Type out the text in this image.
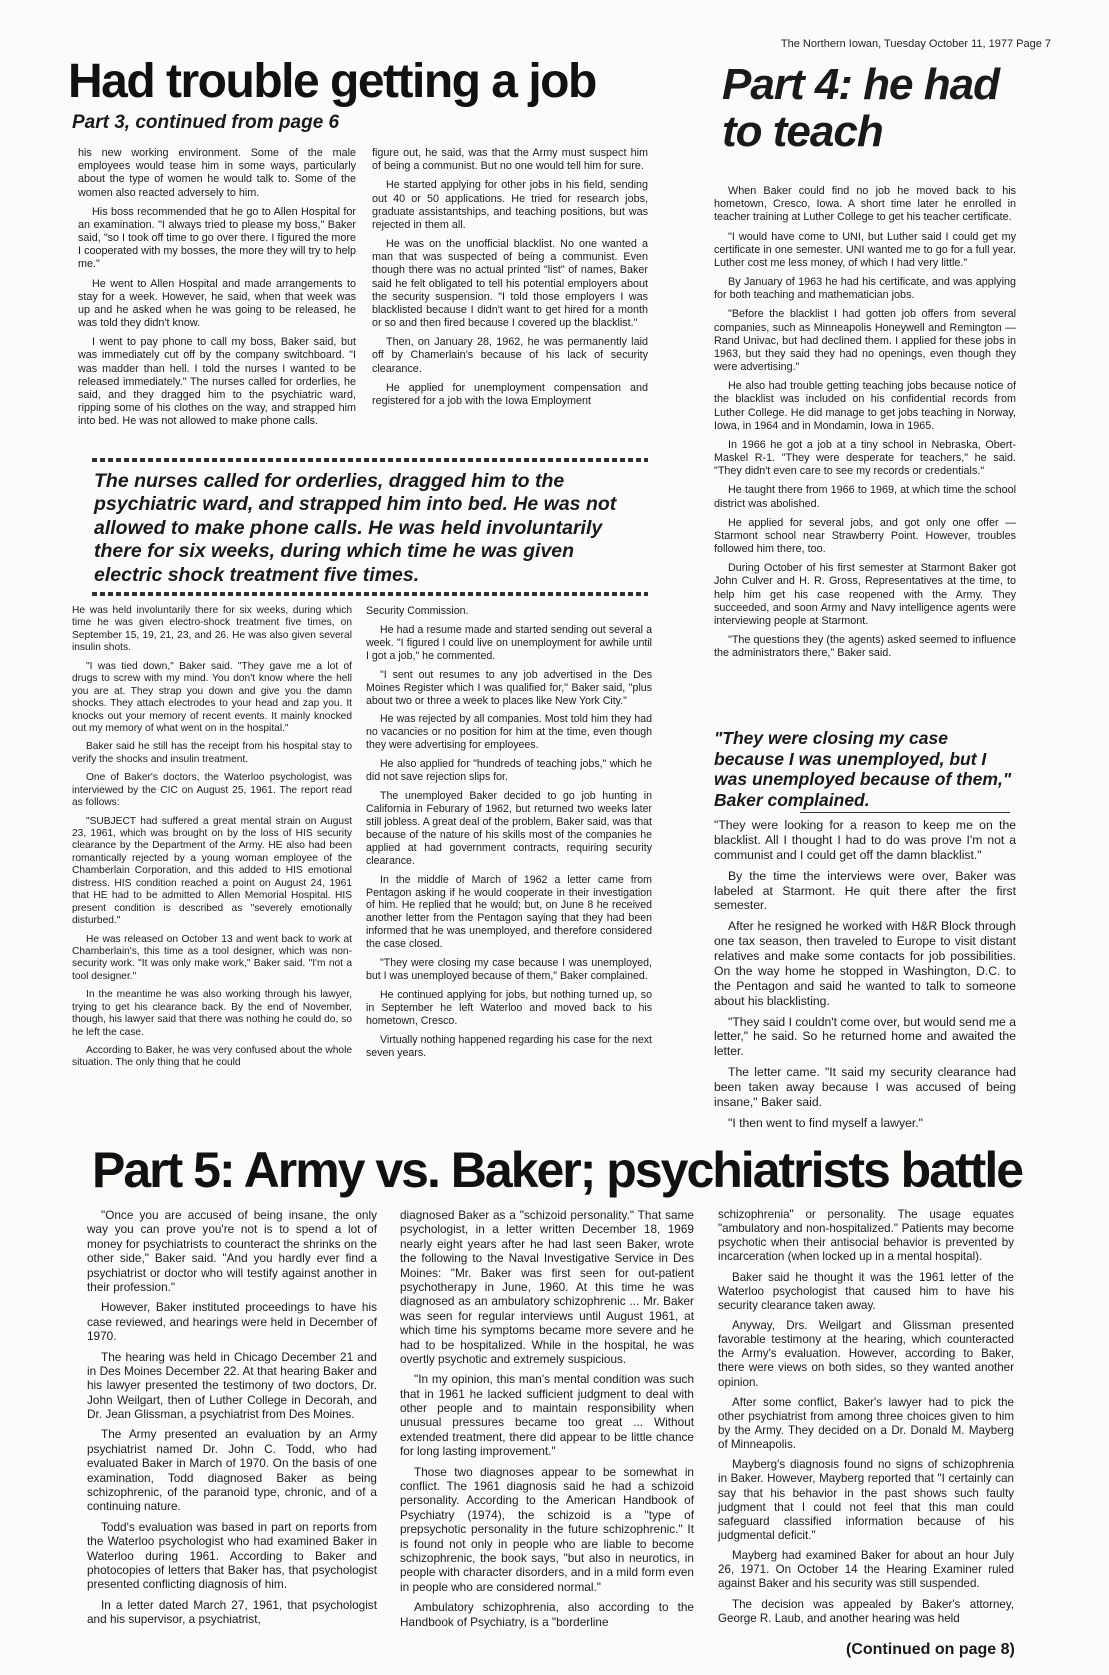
The Northern Iowan, Tuesday October 11, 1977 Page 7
Had trouble getting a job
Part 3, continued from page 6

his new working environment. Some of the male employees would tease him in some ways, particularly about the type of women he would talk to. Some of the women also reacted adversely to him.

His boss recommended that he go to Allen Hospital for an examination. "I always tried to please my boss," Baker said, "so I took off time to go over there. I figured the more I cooperated with my bosses, the more they will try to help me."

He went to Allen Hospital and made arrangements to stay for a week. However, he said, when that week was up and he asked when he was going to be released, he was told they didn't know.

I went to pay phone to call my boss, Baker said, but was immediately cut off by the company switchboard. "I was madder than hell. I told the nurses I wanted to be released immediately." The nurses called for orderlies, he said, and they dragged him to the psychiatric ward, ripping some of his clothes on the way, and strapped him into bed. He was not allowed to make phone calls.

figure out, he said, was that the Army must suspect him of being a communist. But no one would tell him for sure.

He started applying for other jobs in his field, sending out 40 or 50 applications. He tried for research jobs, graduate assistantships, and teaching positions, but was rejected in them all.

He was on the unofficial blacklist. No one wanted a man that was suspected of being a communist. Even though there was no actual printed "list" of names, Baker said he felt obligated to tell his potential employers about the security suspension. "I told those employers I was blacklisted because I didn't want to get hired for a month or so and then fired because I covered up the blacklist."

Then, on January 28, 1962, he was permanently laid off by Chamerlain's because of his lack of security clearance.

He applied for unemployment compensation and registered for a job with the Iowa Employment

The nurses called for orderlies, dragged him to the psychiatric ward, and strapped him into bed. He was not allowed to make phone calls. He was held involuntarily there for six weeks, during which time he was given electric shock treatment five times.

He was held involuntarily there for six weeks, during which time he was given electro-shock treatment five times, on September 15, 19, 21, 23, and 26. He was also given several insulin shots.

"I was tied down," Baker said. "They gave me a lot of drugs to screw with my mind. You don't know where the hell you are at. They strap you down and give you the damn shocks. They attach electrodes to your head and zap you. It knocks out your memory of recent events. It mainly knocked out my memory of what went on in the hospital."

Baker said he still has the receipt from his hospital stay to verify the shocks and insulin treatment.

One of Baker's doctors, the Waterloo psychologist, was interviewed by the CIC on August 25, 1961. The report read as follows:

"SUBJECT had suffered a great mental strain on August 23, 1961, which was brought on by the loss of HIS security clearance by the Department of the Army. HE also had been romantically rejected by a young woman employee of the Chamberlain Corporation, and this added to HIS emotional distress. HIS condition reached a point on August 24, 1961 that HE had to be admitted to Allen Memorial Hospital. HIS present condition is described as "severely emotionally disturbed."

He was released on October 13 and went back to work at Chamberlain's, this time as a tool designer, which was non-security work. "It was only make work," Baker said. "I'm not a tool designer."

In the meantime he was also working through his lawyer, trying to get his clearance back. By the end of November, though, his lawyer said that there was nothing he could do, so he left the case.

According to Baker, he was very confused about the whole situation. The only thing that he could

Security Commission.

He had a resume made and started sending out several a week. "I figured I could live on unemployment for awhile until I got a job," he commented.

"I sent out resumes to any job advertised in the Des Moines Register which I was qualified for," Baker said, "plus about two or three a week to places like New York City."

He was rejected by all companies. Most told him they had no vacancies or no position for him at the time, even though they were advertising for employees.

He also applied for "hundreds of teaching jobs," which he did not save rejection slips for.

The unemployed Baker decided to go job hunting in California in Feburary of 1962, but returned two weeks later still jobless. A great deal of the problem, Baker said, was that because of the nature of his skills most of the companies he applied at had government contracts, requiring security clearance.

In the middle of March of 1962 a letter came from Pentagon asking if he would cooperate in their investigation of him. He replied that he would; but, on June 8 he received another letter from the Pentagon saying that they had been informed that he was unemployed, and therefore considered the case closed.

"They were closing my case because I was unemployed, but I was unemployed because of them," Baker complained.

He continued applying for jobs, but nothing turned up, so in September he left Waterloo and moved back to his hometown, Cresco.

Virtually nothing happened regarding his case for the next seven years.

Part 4: he had to teach

When Baker could find no job he moved back to his hometown, Cresco, Iowa. A short time later he enrolled in teacher training at Luther College to get his teacher certificate.

"I would have come to UNI, but Luther said I could get my certificate in one semester. UNI wanted me to go for a full year. Luther cost me less money, of which I had very little."

By January of 1963 he had his certificate, and was applying for both teaching and mathematician jobs.

"Before the blacklist I had gotten job offers from several companies, such as Minneapolis Honeywell and Remington — Rand Univac, but had declined them. I applied for these jobs in 1963, but they said they had no openings, even though they were advertising."

He also had trouble getting teaching jobs because notice of the blacklist was included on his confidential records from Luther College. He did manage to get jobs teaching in Norway, Iowa, in 1964 and in Mondamin, Iowa in 1965.

In 1966 he got a job at a tiny school in Nebraska, Obert-Maskel R-1. "They were desperate for teachers," he said. "They didn't even care to see my records or credentials."

He taught there from 1966 to 1969, at which time the school district was abolished.

He applied for several jobs, and got only one offer — Starmont school near Strawberry Point. However, troubles followed him there, too.

During October of his first semester at Starmont Baker got John Culver and H. R. Gross, Representatives at the time, to help him get his case reopened with the Army. They succeeded, and soon Army and Navy intelligence agents were interviewing people at Starmont.

"The questions they (the agents) asked seemed to influence the administrators there," Baker said.

"They were closing my case because I was unemployed, but I was unemployed because of them," Baker complained.

"They were looking for a reason to keep me on the blacklist. All I thought I had to do was prove I'm not a communist and I could get off the damn blacklist."

By the time the interviews were over, Baker was labeled at Starmont. He quit there after the first semester.

After he resigned he worked with H&R Block through one tax season, then traveled to Europe to visit distant relatives and make some contacts for job possibilities. On the way home he stopped in Washington, D.C. to the Pentagon and said he wanted to talk to someone about his blacklisting.

"They said I couldn't come over, but would send me a letter," he said. So he returned home and awaited the letter.

The letter came. "It said my security clearance had been taken away because I was accused of being insane," Baker said.

"I then went to find myself a lawyer."

Part 5: Army vs. Baker; psychiatrists battle

"Once you are accused of being insane, the only way you can prove you're not is to spend a lot of money for psychiatrists to counteract the shrinks on the other side," Baker said. "And you hardly ever find a psychiatrist or doctor who will testify against another in their profession."

However, Baker instituted proceedings to have his case reviewed, and hearings were held in December of 1970.

The hearing was held in Chicago December 21 and in Des Moines December 22. At that hearing Baker and his lawyer presented the testimony of two doctors, Dr. John Weilgart, then of Luther College in Decorah, and Dr. Jean Glissman, a psychiatrist from Des Moines.

The Army presented an evaluation by an Army psychiatrist named Dr. John C. Todd, who had evaluated Baker in March of 1970. On the basis of one examination, Todd diagnosed Baker as being schizophrenic, of the paranoid type, chronic, and of a continuing nature.

Todd's evaluation was based in part on reports from the Waterloo psychologist who had examined Baker in Waterloo during 1961. According to Baker and photocopies of letters that Baker has, that psychologist presented conflicting diagnosis of him.

In a letter dated March 27, 1961, that psychologist and his supervisor, a psychiatrist,

diagnosed Baker as a "schizoid personality." That same psychologist, in a letter written December 18, 1969 nearly eight years after he had last seen Baker, wrote the following to the Naval Investigative Service in Des Moines: "Mr. Baker was first seen for out-patient psychotherapy in June, 1960. At this time he was diagnosed as an ambulatory schizophrenic ... Mr. Baker was seen for regular interviews until August 1961, at which time his symptoms became more severe and he had to be hospitalized. While in the hospital, he was overtly psychotic and extremely suspicious.

"In my opinion, this man's mental condition was such that in 1961 he lacked sufficient judgment to deal with other people and to maintain responsibility when unusual pressures became too great ... Without extended treatment, there did appear to be little chance for long lasting improvement."

Those two diagnoses appear to be somewhat in conflict. The 1961 diagnosis said he had a schizoid personality. According to the American Handbook of Psychiatry (1974), the schizoid is a "type of prepsychotic personality in the future schizophrenic." It is found not only in people who are liable to become schizophrenic, the book says, "but also in neurotics, in people with character disorders, and in a mild form even in people who are considered normal."

Ambulatory schizophrenia, also according to the Handbook of Psychiatry, is a "borderline

schizophrenia" or personality. The usage equates "ambulatory and non-hospitalized." Patients may become psychotic when their antisocial behavior is prevented by incarceration (when locked up in a mental hospital).

Baker said he thought it was the 1961 letter of the Waterloo psychologist that caused him to have his security clearance taken away.

Anyway, Drs. Weilgart and Glissman presented favorable testimony at the hearing, which counteracted the Army's evaluation. However, according to Baker, there were views on both sides, so they wanted another opinion.

After some conflict, Baker's lawyer had to pick the other psychiatrist from among three choices given to him by the Army. They decided on a Dr. Donald M. Mayberg of Minneapolis.

Mayberg's diagnosis found no signs of schizophrenia in Baker. However, Mayberg reported that "I certainly can say that his behavior in the past shows such faulty judgment that I could not feel that this man could safeguard classified information because of his judgmental deficit."

Mayberg had examined Baker for about an hour July 26, 1971. On October 14 the Hearing Examiner ruled against Baker and his security was still suspended.

The decision was appealed by Baker's attorney, George R. Laub, and another hearing was held

(Continued on page 8)
